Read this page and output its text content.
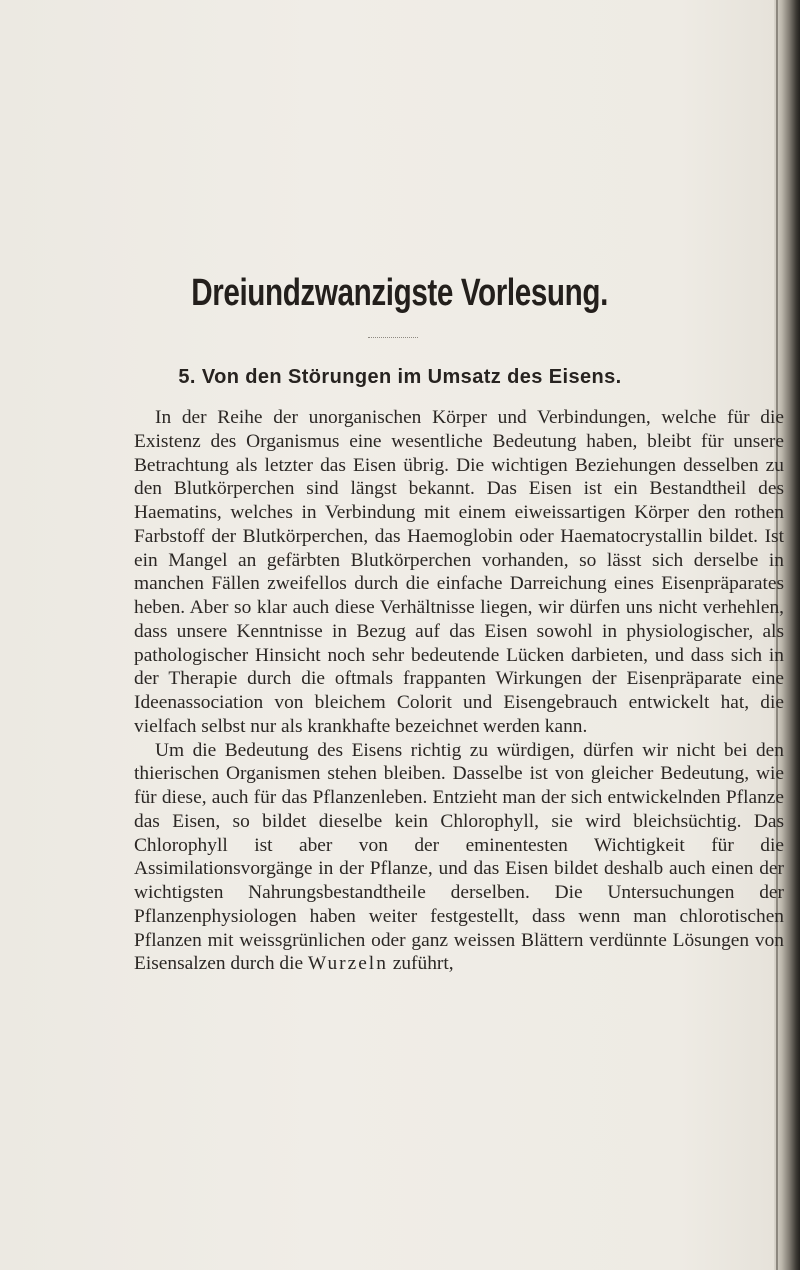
Dreiundzwanzigste Vorlesung.
5. Von den Störungen im Umsatz des Eisens.

In der Reihe der unorganischen Körper und Verbindungen, welche für die Existenz des Organismus eine wesentliche Bedeutung haben, bleibt für unsere Betrachtung als letzter das Eisen übrig. Die wichtigen Beziehungen desselben zu den Blutkörperchen sind längst bekannt. Das Eisen ist ein Bestandtheil des Haematins, welches in Verbindung mit einem eiweissartigen Körper den rothen Farbstoff der Blutkörperchen, das Haemoglobin oder Haematocrystallin bildet. Ist ein Mangel an gefärbten Blutkörperchen vorhanden, so lässt sich derselbe in manchen Fällen zweifellos durch die einfache Darreichung eines Eisenpräparates heben. Aber so klar auch diese Verhältnisse liegen, wir dürfen uns nicht verhehlen, dass unsere Kenntnisse in Bezug auf das Eisen sowohl in physiologischer, als pathologischer Hinsicht noch sehr bedeutende Lücken darbieten, und dass sich in der Therapie durch die oftmals frappanten Wirkungen der Eisenpräparate eine Ideenassociation von bleichem Colorit und Eisengebrauch entwickelt hat, die vielfach selbst nur als krankhafte bezeichnet werden kann.

Um die Bedeutung des Eisens richtig zu würdigen, dürfen wir nicht bei den thierischen Organismen stehen bleiben. Dasselbe ist von gleicher Bedeutung, wie für diese, auch für das Pflanzenleben. Entzieht man der sich entwickelnden Pflanze das Eisen, so bildet dieselbe kein Chlorophyll, sie wird bleichsüchtig. Das Chlorophyll ist aber von der eminentesten Wichtigkeit für die Assimilationsvorgänge in der Pflanze, und das Eisen bildet deshalb auch einen der wichtigsten Nahrungsbestandtheile derselben. Die Untersuchungen der Pflanzenphysiologen haben weiter festgestellt, dass wenn man chlorotischen Pflanzen mit weissgrünlichen oder ganz weissen Blättern verdünnte Lösungen von Eisensalzen durch die Wurzeln zuführt,
